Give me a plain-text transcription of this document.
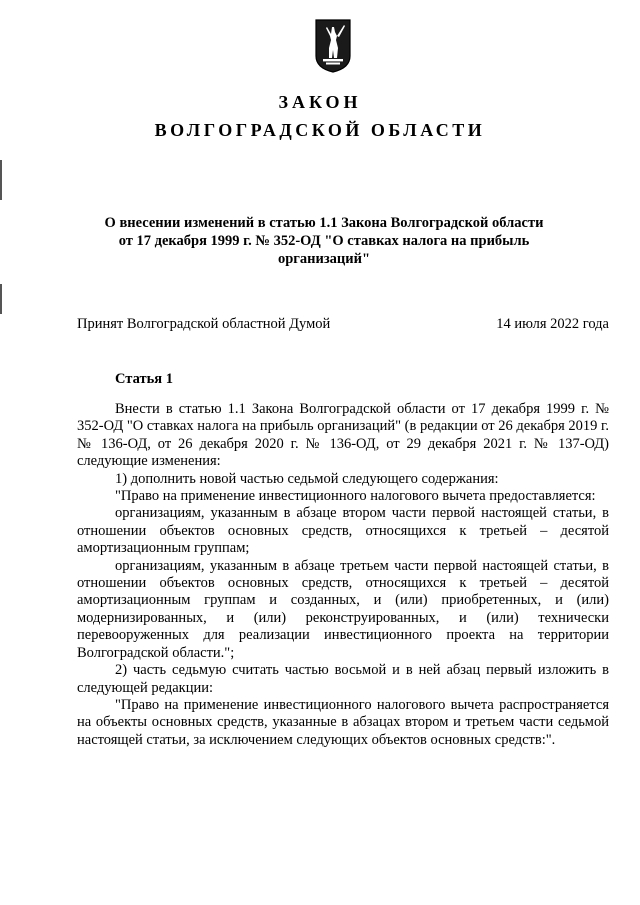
ЗАКОН
ВОЛГОГРАДСКОЙ ОБЛАСТИ
О внесении изменений в статью 1.1 Закона Волгоградской области
от 17 декабря 1999 г. № 352-ОД "О ставках налога на прибыль
организаций"
Принят Волгоградской областной Думой	14 июля 2022 года
Статья 1

Внести в статью 1.1 Закона Волгоградской области от 17 декабря 1999 г. № 352-ОД "О ставках налога на прибыль организаций" (в редакции от 26 декабря 2019 г. № 136-ОД, от 26 декабря 2020 г. № 136-ОД, от 29 декабря 2021 г. № 137-ОД) следующие изменения:

1) дополнить новой частью седьмой следующего содержания:

"Право на применение инвестиционного налогового вычета предоставляется:

организациям, указанным в абзаце втором части первой настоящей статьи, в отношении объектов основных средств, относящихся к третьей – десятой амортизационным группам;

организациям, указанным в абзаце третьем части первой настоящей статьи, в отношении объектов основных средств, относящихся к третьей – десятой амортизационным группам и созданных, и (или) приобретенных, и (или) модернизированных, и (или) реконструированных, и (или) технически перевооруженных для реализации инвестиционного проекта на территории Волгоградской области.";

2) часть седьмую считать частью восьмой и в ней абзац первый изложить в следующей редакции:

"Право на применение инвестиционного налогового вычета распространяется на объекты основных средств, указанные в абзацах втором и третьем части седьмой настоящей статьи, за исключением следующих объектов основных средств:".
